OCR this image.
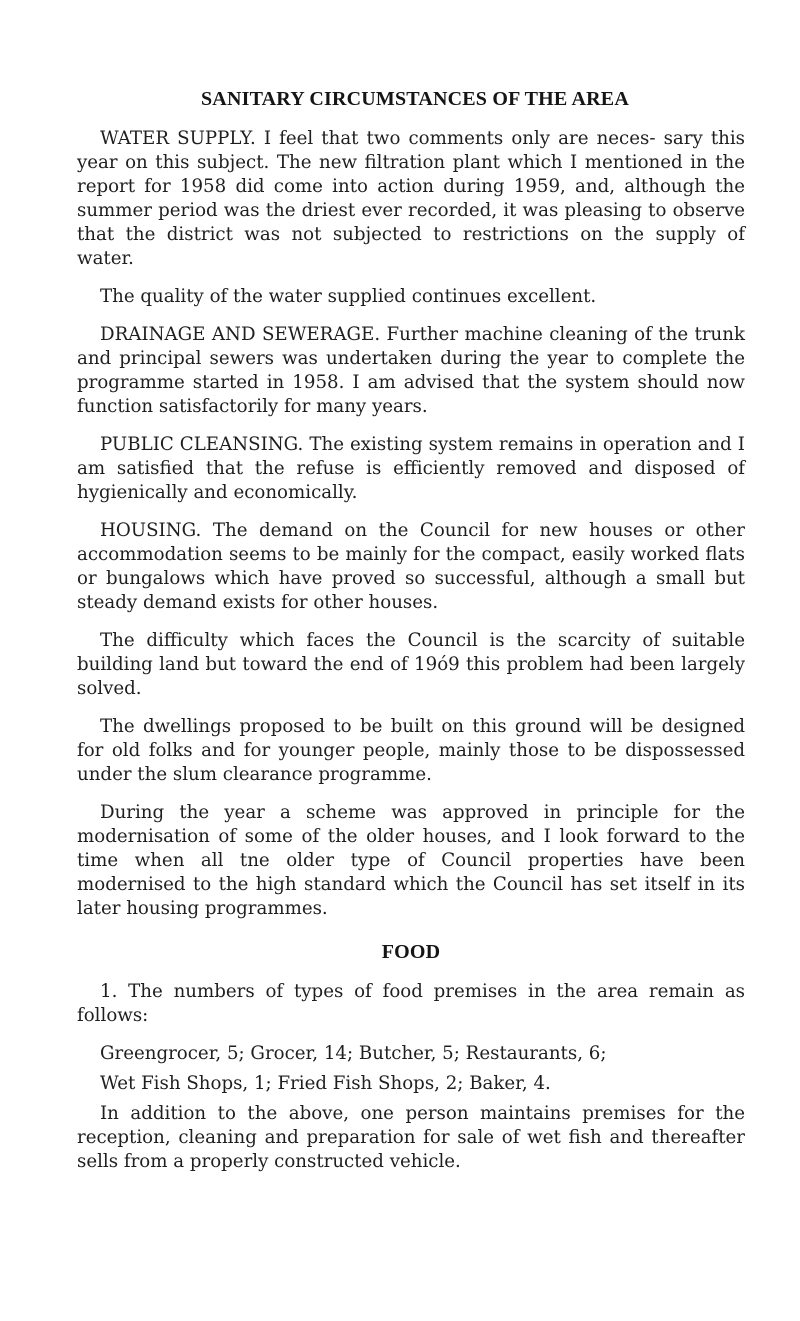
SANITARY CIRCUMSTANCES OF THE AREA

WATER SUPPLY. I feel that two comments only are neces- sary this year on this subject. The new filtration plant which I mentioned in the report for 1958 did come into action during 1959, and, although the summer period was the driest ever recorded, it was pleasing to observe that the district was not subjected to restrictions on the supply of water.

The quality of the water supplied continues excellent.

DRAINAGE AND SEWERAGE. Further machine cleaning of the trunk and principal sewers was undertaken during the year to complete the programme started in 1958. I am advised that the system should now function satisfactorily for many years.

PUBLIC CLEANSING. The existing system remains in operation and I am satisfied that the refuse is efficiently removed and disposed of hygienically and economically.

HOUSING. The demand on the Council for new houses or other accommodation seems to be mainly for the compact, easily worked flats or bungalows which have proved so successful, although a small but steady demand exists for other houses.

The difficulty which faces the Council is the scarcity of suitable building land but toward the end of 19ó9 this problem had been largely solved.

The dwellings proposed to be built on this ground will be designed for old folks and for younger people, mainly those to be dispossessed under the slum clearance programme.

During the year a scheme was approved in principle for the modernisation of some of the older houses, and I look forward to the time when all tne older type of Council properties have been modernised to the high standard which the Council has set itself in its later housing programmes.

FOOD

1. The numbers of types of food premises in the area remain as follows:

Greengrocer, 5; Grocer, 14; Butcher, 5; Restaurants, 6;

Wet Fish Shops, 1; Fried Fish Shops, 2; Baker, 4.

In addition to the above, one person maintains premises for the reception, cleaning and preparation for sale of wet fish and thereafter sells from a properly constructed vehicle.
